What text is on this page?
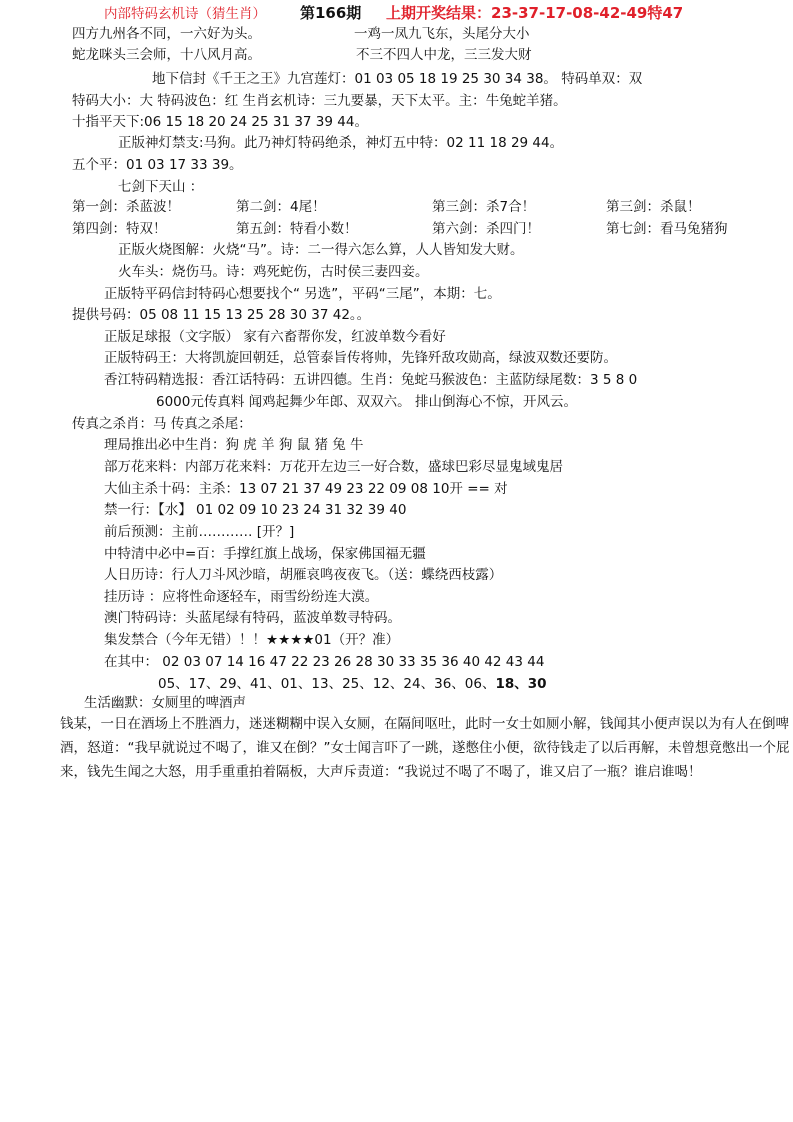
内部特码玄机诗（猜生肖） 第166期 上期开奖结果：23-37-17-08-42-49特47
四方九州各不同，一六好为头。	一鸡一凤九飞东，头尾分大小
蛇龙咪头三会师，十八风月高。	不三不四人中龙，三三发大财
地下信封《千王之王》九宫莲灯：01 03 05 18 19 25 30 34 38。 特码单双：双
特码大小：大 特码波色：红 生肖玄机诗：三九要暴，天下太平。主：牛兔蛇羊猪。
十指平天下:06 15 18 20 24 25 31 37 39 44。
正版神灯禁支:马狗。此乃神灯特码绝杀，神灯五中特：02 11 18 29 44。
五个平：01 03 17 33 39。
七剑下天山 ：
第一剑：杀蓝波！	第二剑：4尾！	第三剑：杀7合！	第三剑：杀鼠！
第四剑：特双！	第五剑：特看小数！	第六剑：杀四门！	第七剑：看马兔猪狗
正版火烧图解：火烧“马”。诗：二一得六怎么算，人人皆知发大财。
火车头：烧伤马。诗：鸡死蛇伤，古时侯三妻四妾。
正版特平码信封特码心想要找个“ 另选”，平码“三尾”，本期：七。
提供号码：05 08 11 15 13 25 28 30 37 42。。
正版足球报（文字版） 家有六畜帮你发，红波单数今看好
正版特码王：大将凯旋回朝廷，总管泰旨传将帅，先锋歼敌攻勋高，绿波双数还要防。
香江特码精选报：香江话特码：五讲四德。生肖：兔蛇马猴波色：主蓝防绿尾数：3 5 8 0
6000元传真料 闻鸡起舞少年郎、双双六。 排山倒海心不惊，开风云。
传真之杀肖：马 传真之杀尾：
理局推出必中生肖：狗 虎 羊 狗 鼠 猪 兔 牛
部万花来料：内部万花来料：万花开左边三一好合数，盛球巴彩尽显鬼域鬼居
大仙主杀十码：主杀：13 07 21 37 49 23 22 09 08 10开 == 对
禁一行：【水】 01 02 09 10 23 24 31 32 39 40
前后预测：主前………… [开？]
中特清中必中=百：手撑红旗上战场，保家佛国福无疆
人日历诗：行人刀斗风沙暗，胡雁哀鸣夜夜飞。（送：蝶绕西枝露）
挂历诗 ：应将性命逐轻车，雨雪纷纷连大漠。
澳门特码诗：头蓝尾绿有特码，蓝波单数寻特码。
集发禁合（今年无错）！！★★★★01（开？准）
在其中： 02 03 07 14 16 47 22 23 26 28 30 33 35 36 40 42 43 44
05、17、29、41、01、13、25、12、24、36、06、18、30
生活幽默：女厕里的啤酒声
钱某，一日在酒场上不胜酒力，迷迷糊糊中误入女厕，在隔间呕吐，此时一女士如厕小解，钱闻其小便声误以为有人在倒啤酒，怒道：“我早就说过不喝了，谁又在倒？”女士闻言吓了一跳，遂憋住小便，欲待钱走了以后再解，未曾想竟憋出一个屁来，钱先生闻之大怒，用手重重拍着隔板，大声斥责道：“我说过不喝了不喝了，谁又启了一瓶？谁启谁喝！
